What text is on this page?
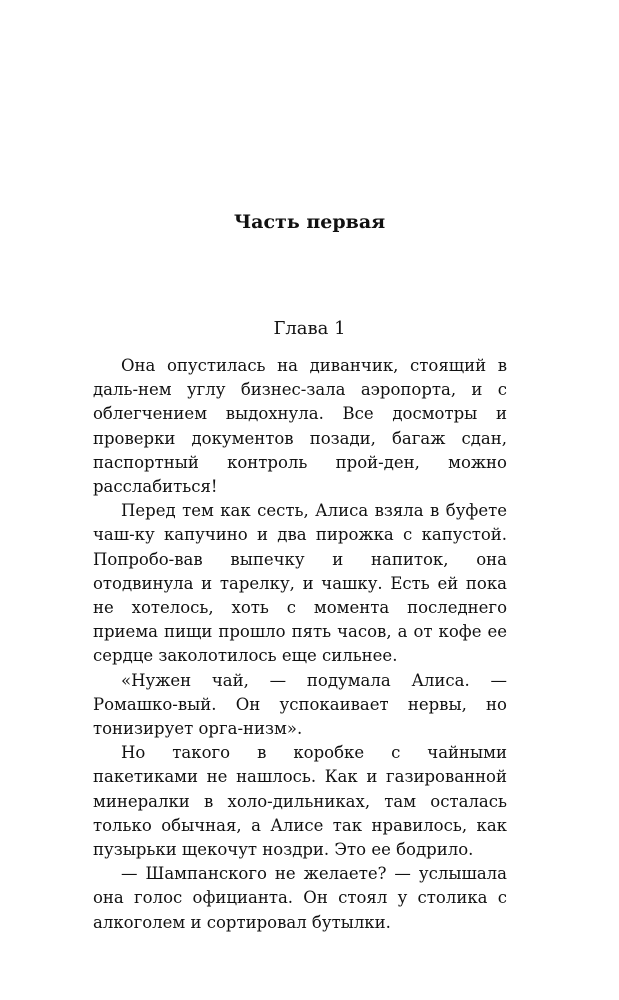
Часть первая
Глава 1

Она опустилась на диванчик, стоящий в даль-нем углу бизнес-зала аэропорта, и с облегчением выдохнула. Все досмотры и проверки документов позади, багаж сдан, паспортный контроль прой-ден, можно расслабиться!

Перед тем как сесть, Алиса взяла в буфете чаш-ку капучино и два пирожка с капустой. Попробо-вав выпечку и напиток, она отодвинула и тарелку, и чашку. Есть ей пока не хотелось, хоть с момента последнего приема пищи прошло пять часов, а от кофе ее сердце заколотилось еще сильнее.

«Нужен чай, — подумала Алиса. — Ромашко-вый. Он успокаивает нервы, но тонизирует орга-низм».

Но такого в коробке с чайными пакетиками не нашлось. Как и газированной минералки в холо-дильниках, там осталась только обычная, а Алисе так нравилось, как пузырьки щекочут ноздри. Это ее бодрило.

— Шампанского не желаете? — услышала она голос официанта. Он стоял у столика с алкоголем и сортировал бутылки.
